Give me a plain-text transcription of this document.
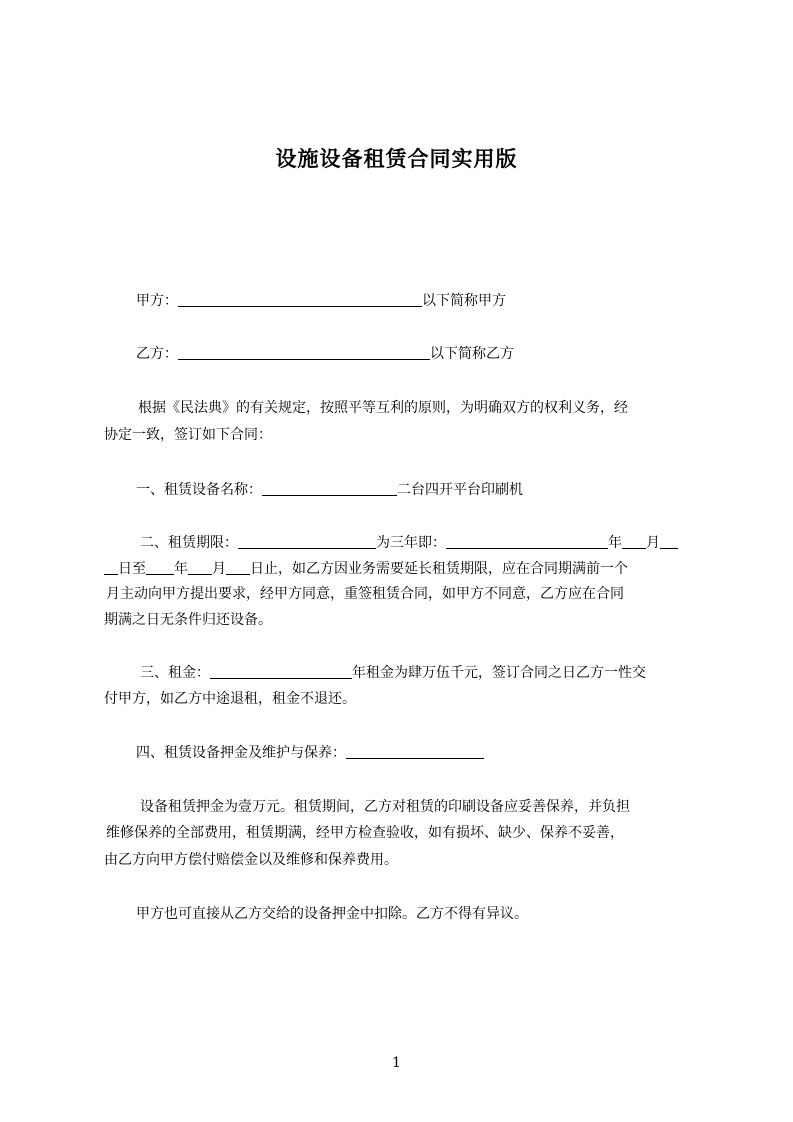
设施设备租赁合同实用版
甲方：	以下简称甲方
乙方：	以下简称乙方
根据《民法典》的有关规定，按照平等互利的原则，为明确双方的权利义务，经
协定一致，签订如下合同：
一、租赁设备名称：	二台四开平台印刷机
二、租赁期限：	为三年即：	年 月
日至 年 月 日止，如乙方因业务需要延长租赁期限，应在合同期满前一个
月主动向甲方提出要求，经甲方同意，重签租赁合同，如甲方不同意，乙方应在合同
期满之日无条件归还设备。
三、租金：	年租金为肆万伍千元，签订合同之日乙方一性交
付甲方，如乙方中途退租，租金不退还。
四、租赁设备押金及维护与保养：
设备租赁押金为壹万元。租赁期间，乙方对租赁的印刷设备应妥善保养，并负担
维修保养的全部费用，租赁期满，经甲方检查验收，如有损坏、缺少、保养不妥善，
由乙方向甲方偿付赔偿金以及维修和保养费用。
甲方也可直接从乙方交给的设备押金中扣除。乙方不得有异议。
1
